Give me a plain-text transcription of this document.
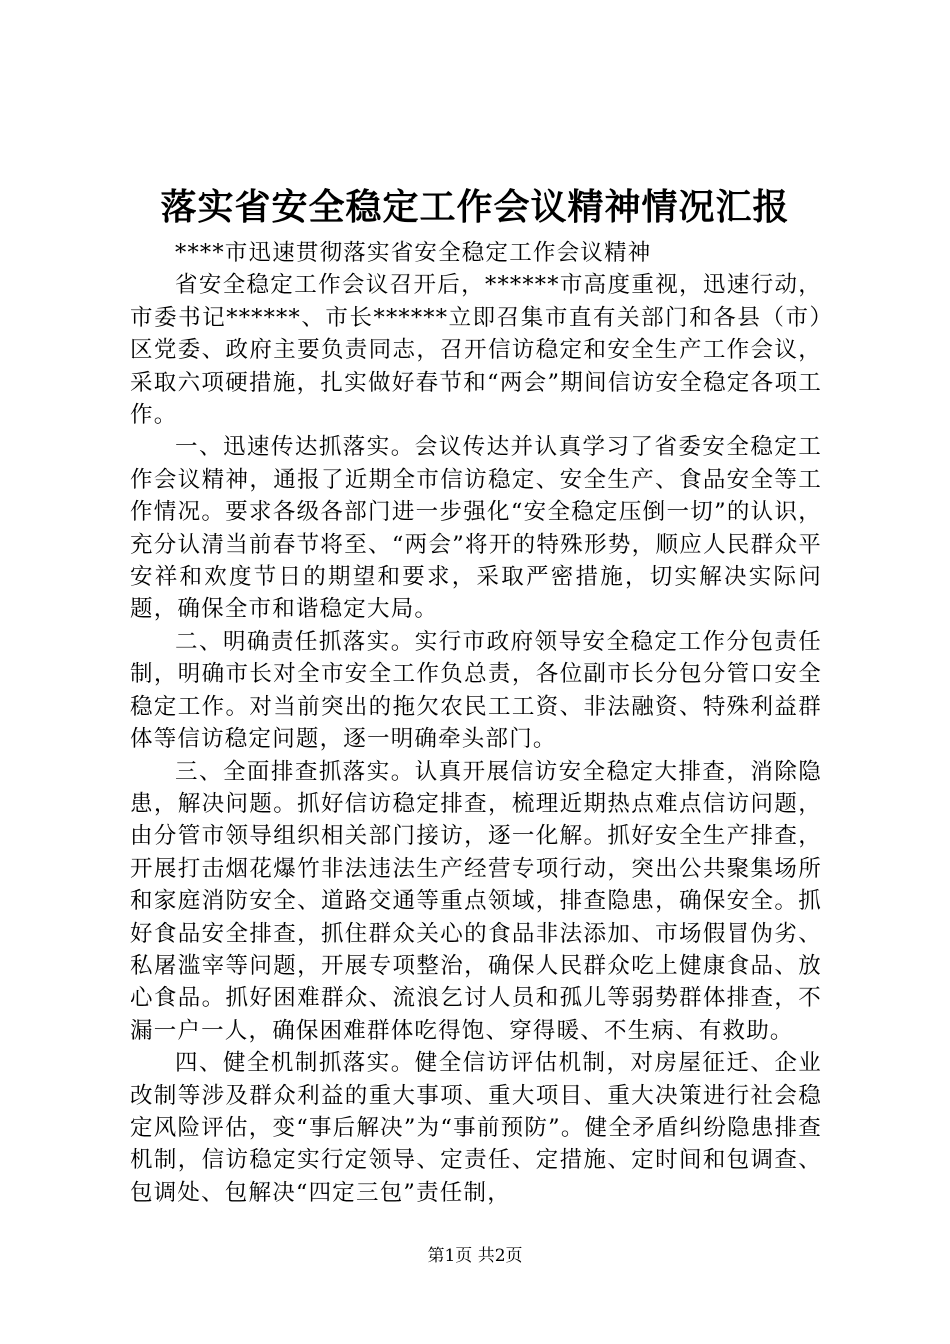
落实省安全稳定工作会议精神情况汇报

****市迅速贯彻落实省安全稳定工作会议精神

省安全稳定工作会议召开后，******市高度重视，迅速行动，市委书记******、市长******立即召集市直有关部门和各县（市）区党委、政府主要负责同志，召开信访稳定和安全生产工作会议，采取六项硬措施，扎实做好春节和“两会”期间信访安全稳定各项工作。

一、迅速传达抓落实。会议传达并认真学习了省委安全稳定工作会议精神，通报了近期全市信访稳定、安全生产、食品安全等工作情况。要求各级各部门进一步强化“安全稳定压倒一切”的认识，充分认清当前春节将至、“两会”将开的特殊形势，顺应人民群众平安祥和欢度节日的期望和要求，采取严密措施，切实解决实际问题，确保全市和谐稳定大局。

二、明确责任抓落实。实行市政府领导安全稳定工作分包责任制，明确市长对全市安全工作负总责，各位副市长分包分管口安全稳定工作。对当前突出的拖欠农民工工资、非法融资、特殊利益群体等信访稳定问题，逐一明确牵头部门。

三、全面排查抓落实。认真开展信访安全稳定大排查，消除隐患，解决问题。抓好信访稳定排查，梳理近期热点难点信访问题，由分管市领导组织相关部门接访，逐一化解。抓好安全生产排查，开展打击烟花爆竹非法违法生产经营专项行动，突出公共聚集场所和家庭消防安全、道路交通等重点领域，排查隐患，确保安全。抓好食品安全排查，抓住群众关心的食品非法添加、市场假冒伪劣、私屠滥宰等问题，开展专项整治，确保人民群众吃上健康食品、放心食品。抓好困难群众、流浪乞讨人员和孤儿等弱势群体排查，不漏一户一人，确保困难群体吃得饱、穿得暖、不生病、有救助。

四、健全机制抓落实。健全信访评估机制，对房屋征迁、企业改制等涉及群众利益的重大事项、重大项目、重大决策进行社会稳定风险评估，变“事后解决”为“事前预防”。健全矛盾纠纷隐患排查机制，信访稳定实行定领导、定责任、定措施、定时间和包调查、包调处、包解决“四定三包”责任制，

第1页 共2页
